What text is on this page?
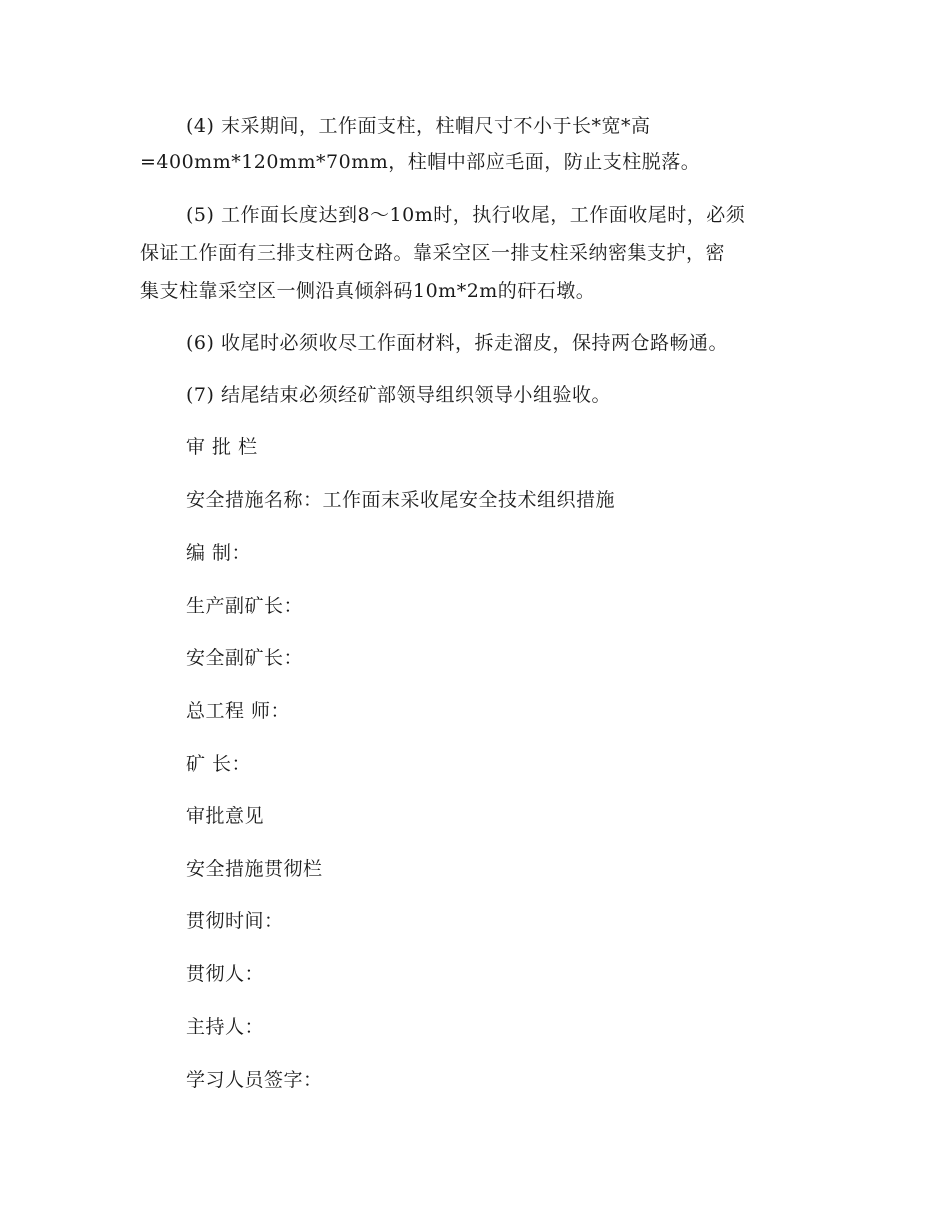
(4) 末采期间，工作面支柱，柱帽尺寸不小于长*宽*高
=400mm*120mm*70mm，柱帽中部应毛面，防止支柱脱落。
(5) 工作面长度达到8～10m时，执行收尾，工作面收尾时，必须
保证工作面有三排支柱两仓路。靠采空区一排支柱采纳密集支护，密
集支柱靠采空区一侧沿真倾斜码10m*2m的矸石墩。
(6) 收尾时必须收尽工作面材料，拆走溜皮，保持两仓路畅通。
(7) 结尾结束必须经矿部领导组织领导小组验收。
审 批 栏
安全措施名称：工作面末采收尾安全技术组织措施
编 制：
生产副矿长：
安全副矿长：
总工程 师：
矿 长：
审批意见
安全措施贯彻栏
贯彻时间：
贯彻人：
主持人：
学习人员签字：
